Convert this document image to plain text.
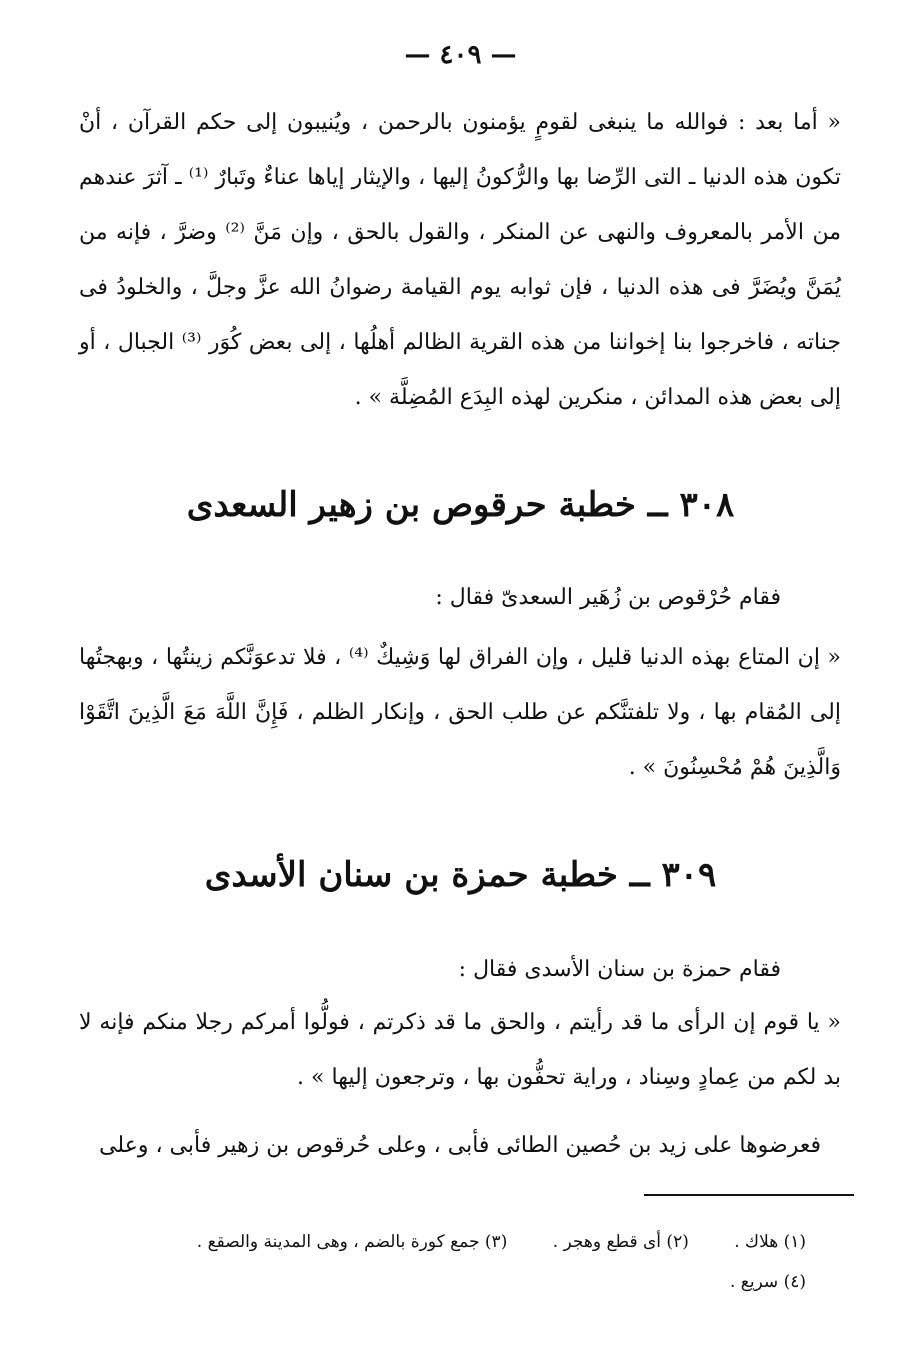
— ٤٠٩ —

« أما بعد : فوالله ما ينبغى لقومٍ يؤمنون بالرحمن ، ويُنيبون إلى حكم القرآن ، أنْ تكون هذه الدنيا ـ التى الرِّضا بها والرُّكونُ إليها ، والإيثار إياها عناءٌ وتَبارٌ ⁽¹⁾ ـ آثرَ عندهم من الأمر بالمعروف والنهى عن المنكر ، والقول بالحق ، وإن مَنَّ ⁽²⁾ وضرَّ ، فإنه من يُمَنَّ ويُضَرَّ فى هذه الدنيا ، فإن ثوابه يوم القيامة رضوانُ الله عزَّ وجلَّ ، والخلودُ فى جناته ، فاخرجوا بنا إخواننا من هذه القرية الظالم أهلُها ، إلى بعض كُوَر ⁽³⁾ الجبال ، أو إلى بعض هذه المدائن ، منكرين لهذه البِدَع المُضِلَّة » .

٣٠٨ ــ خطبة حرقوص بن زهير السعدى

فقام حُرْقوص بن زُهَير السعدىّ فقال :

« إن المتاع بهذه الدنيا قليل ، وإن الفراق لها وَشِيكٌ ⁽⁴⁾ ، فلا تدعوَنَّكم زينتُها ، وبهجتُها إلى المُقام بها ، ولا تلفتنَّكم عن طلب الحق ، وإنكار الظلم ، فَإِنَّ اللَّهَ مَعَ الَّذِينَ اتَّقَوْا وَالَّذِينَ هُمْ مُحْسِنُونَ » .

٣٠٩ ــ خطبة حمزة بن سنان الأسدى

فقام حمزة بن سنان الأسدى فقال :

« يا قوم إن الرأى ما قد رأيتم ، والحق ما قد ذكرتم ، فولُّوا أمركم رجلا منكم فإنه لا بد لكم من عِمادٍ وسِناد ، وراية تحفُّون بها ، وترجعون إليها » .

فعرضوها على زيد بن حُصين الطائى فأبى ، وعلى حُرقوص بن زهير فأبى ، وعلى

(١) هلاك . (٢) أى قطع وهجر . (٣) جمع كورة بالضم ، وهى المدينة والصقع .
(٤) سريع .
